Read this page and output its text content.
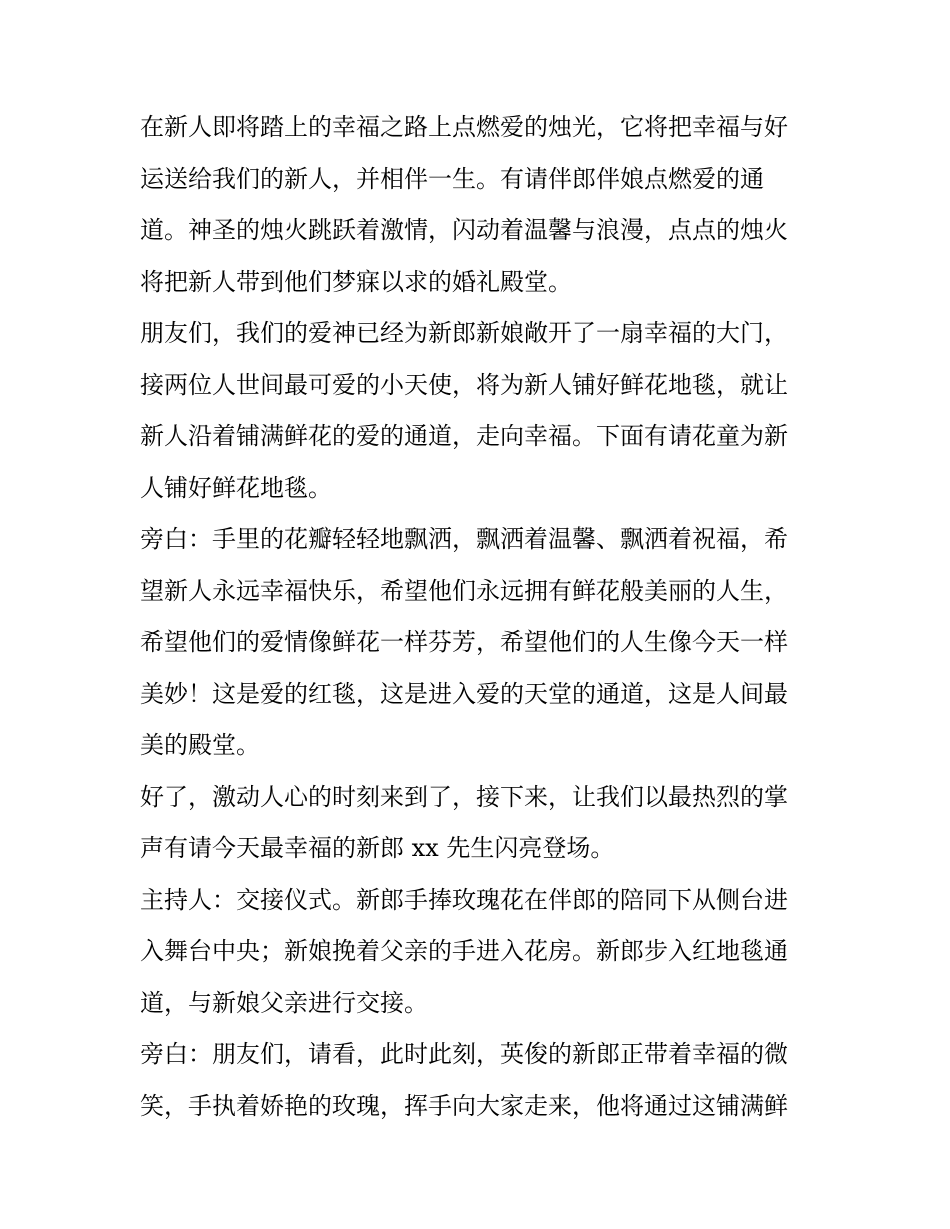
在新人即将踏上的幸福之路上点燃爱的烛光，它将把幸福与好
运送给我们的新人，并相伴一生。有请伴郎伴娘点燃爱的通
道。神圣的烛火跳跃着激情，闪动着温馨与浪漫，点点的烛火
将把新人带到他们梦寐以求的婚礼殿堂。

朋友们，我们的爱神已经为新郎新娘敞开了一扇幸福的大门，
接两位人世间最可爱的小天使，将为新人铺好鲜花地毯，就让
新人沿着铺满鲜花的爱的通道，走向幸福。下面有请花童为新
人铺好鲜花地毯。

旁白：手里的花瓣轻轻地飘洒，飘洒着温馨、飘洒着祝福，希
望新人永远幸福快乐，希望他们永远拥有鲜花般美丽的人生，
希望他们的爱情像鲜花一样芬芳，希望他们的人生像今天一样
美妙！这是爱的红毯，这是进入爱的天堂的通道，这是人间最
美的殿堂。

好了，激动人心的时刻来到了，接下来，让我们以最热烈的掌
声有请今天最幸福的新郎 xx 先生闪亮登场。

主持人：交接仪式。新郎手捧玫瑰花在伴郎的陪同下从侧台进
入舞台中央；新娘挽着父亲的手进入花房。新郎步入红地毯通
道，与新娘父亲进行交接。

旁白：朋友们，请看，此时此刻，英俊的新郎正带着幸福的微
笑，手执着娇艳的玫瑰，挥手向大家走来，他将通过这铺满鲜
